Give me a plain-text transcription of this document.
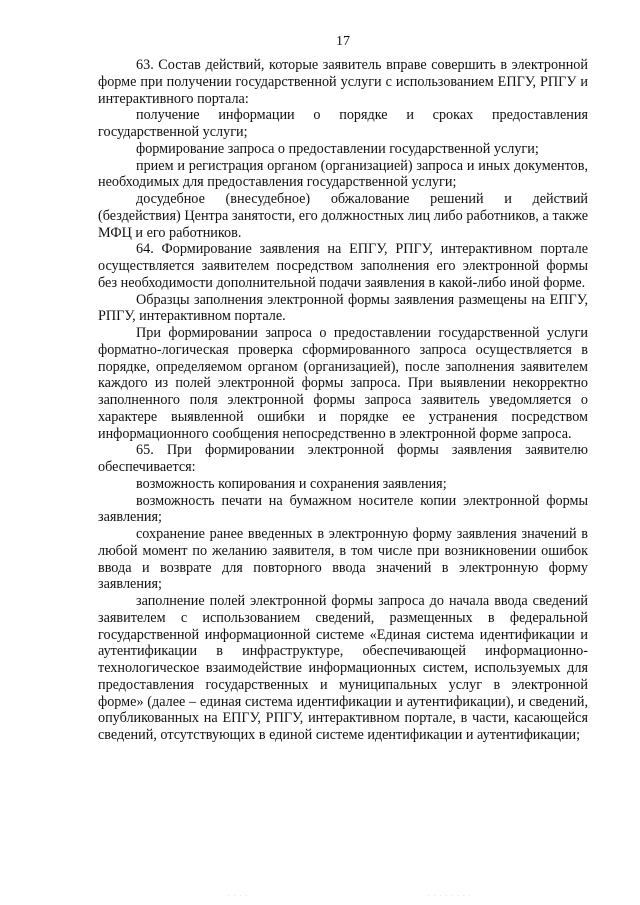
17

63. Состав действий, которые заявитель вправе совершить в электронной форме при получении государственной услуги с использованием ЕПГУ, РПГУ и интерактивного портала:

получение информации о порядке и сроках предоставления государственной услуги;

формирование запроса о предоставлении государственной услуги;

прием и регистрация органом (организацией) запроса и иных документов, необходимых для предоставления государственной услуги;

досудебное (внесудебное) обжалование решений и действий (бездействия) Центра занятости, его должностных лиц либо работников, а также МФЦ и его работников.

64. Формирование заявления на ЕПГУ, РПГУ, интерактивном портале осуществляется заявителем посредством заполнения его электронной формы без необходимости дополнительной подачи заявления в какой-либо иной форме.

Образцы заполнения электронной формы заявления размещены на ЕПГУ, РПГУ, интерактивном портале.

При формировании запроса о предоставлении государственной услуги форматно-логическая проверка сформированного запроса осуществляется в порядке, определяемом органом (организацией), после заполнения заявителем каждого из полей электронной формы запроса. При выявлении некорректно заполненного поля электронной формы запроса заявитель уведомляется о характере выявленной ошибки и порядке ее устранения посредством информационного сообщения непосредственно в электронной форме запроса.

65. При формировании электронной формы заявления заявителю обеспечивается:

возможность копирования и сохранения заявления;

возможность печати на бумажном носителе копии электронной формы заявления;

сохранение ранее введенных в электронную форму заявления значений в любой момент по желанию заявителя, в том числе при возникновении ошибок ввода и возврате для повторного ввода значений в электронную форму заявления;

заполнение полей электронной формы запроса до начала ввода сведений заявителем с использованием сведений, размещенных в федеральной государственной информационной системе «Единая система идентификации и аутентификации в инфраструктуре, обеспечивающей информационно-технологическое взаимодействие информационных систем, используемых для предоставления государственных и муниципальных услуг в электронной форме» (далее – единая система идентификации и аутентификации), и сведений, опубликованных на ЕПГУ, РПГУ, интерактивном портале, в части, касающейся сведений, отсутствующих в единой системе идентификации и аутентификации;

· · · ·	· · · · · · · ·
